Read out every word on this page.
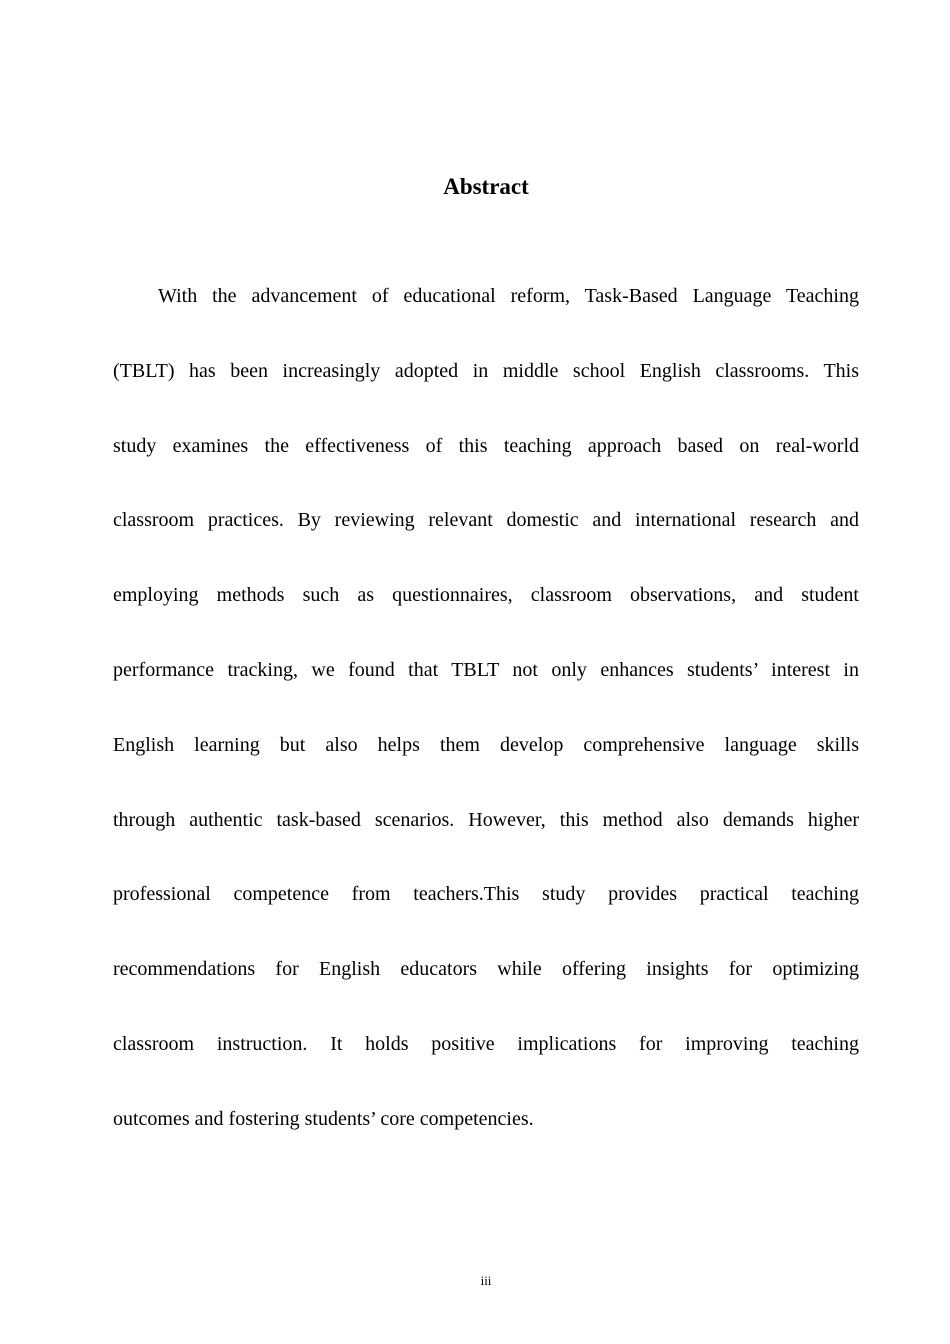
Abstract
With the advancement of educational reform, Task-Based Language Teaching
(TBLT) has been increasingly adopted in middle school English classrooms. This
study examines the effectiveness of this teaching approach based on real-world
classroom practices. By reviewing relevant domestic and international research and
employing methods such as questionnaires, classroom observations, and student
performance tracking, we found that TBLT not only enhances students’ interest in
English learning but also helps them develop comprehensive language skills
through authentic task-based scenarios. However, this method also demands higher
professional competence from teachers.This study provides practical teaching
recommendations for English educators while offering insights for optimizing
classroom instruction. It holds positive implications for improving teaching
outcomes and fostering students’ core competencies.
iii
